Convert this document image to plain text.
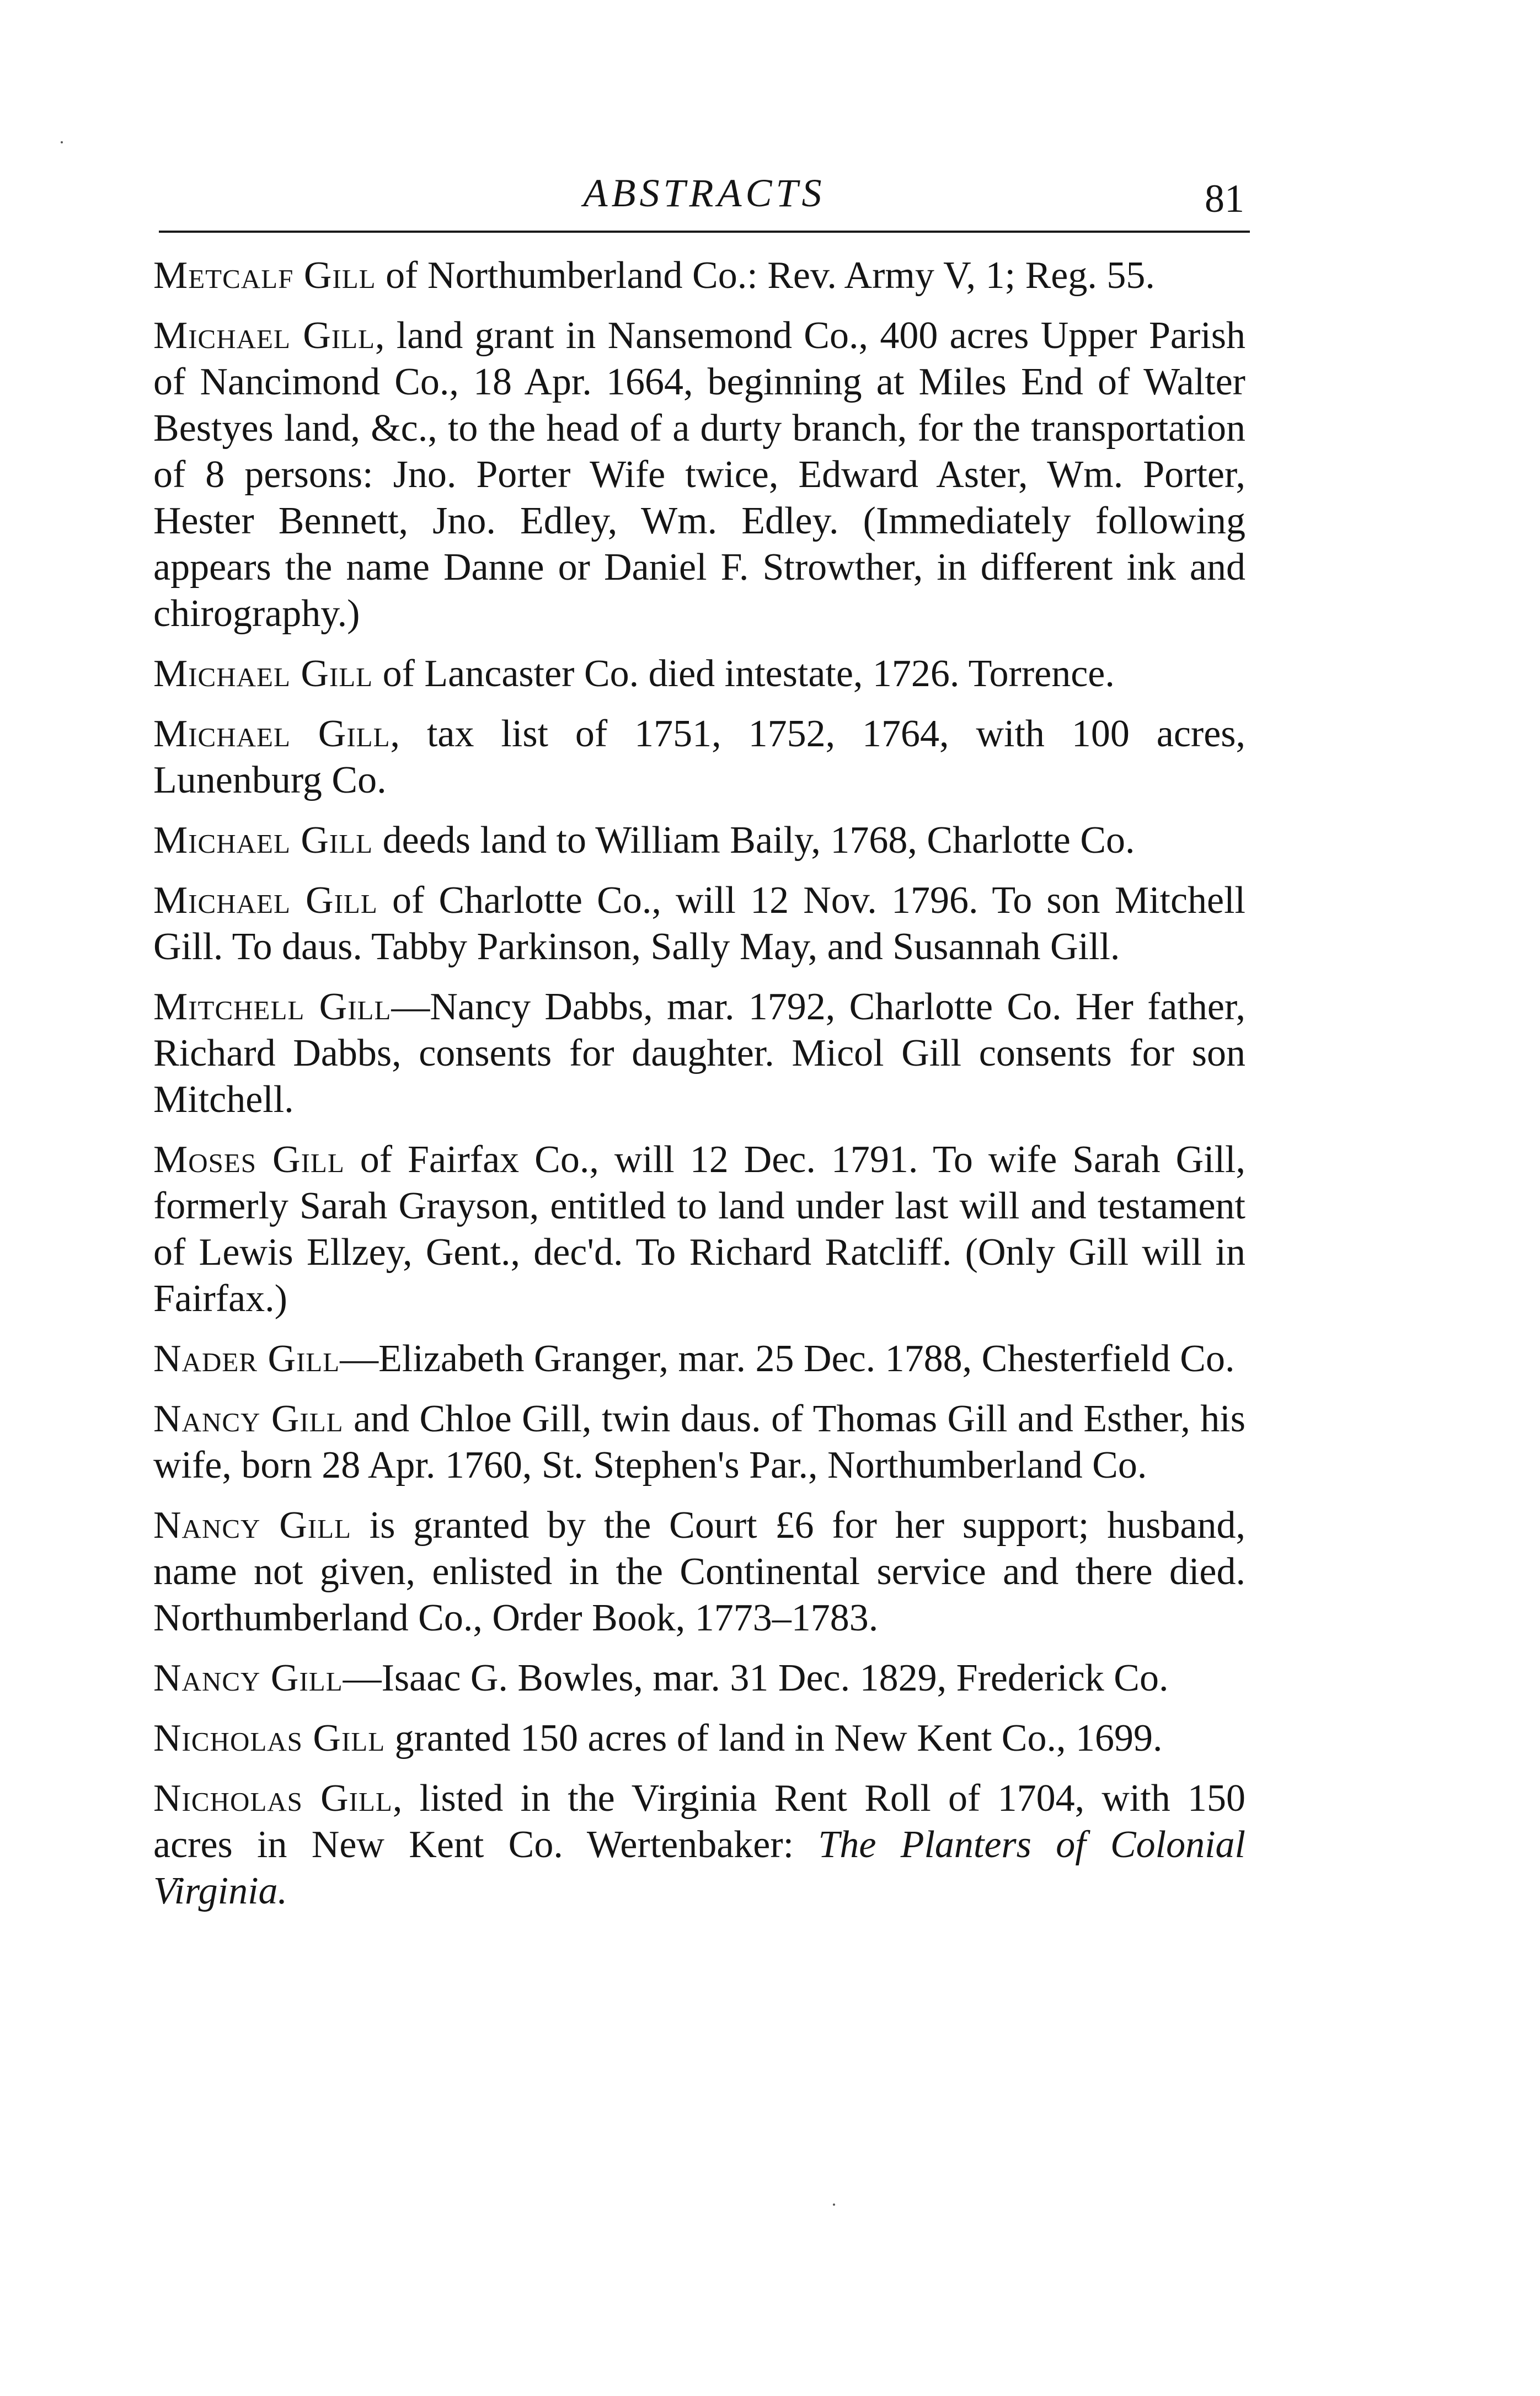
ABSTRACTS	81

Metcalf Gill of Northumberland Co.: Rev. Army V, 1; Reg. 55.

Michael Gill, land grant in Nansemond Co., 400 acres Upper Parish of Nancimond Co., 18 Apr. 1664, beginning at Miles End of Walter Bestyes land, &c., to the head of a durty branch, for the transportation of 8 persons: Jno. Porter Wife twice, Edward Aster, Wm. Porter, Hester Bennett, Jno. Edley, Wm. Edley. (Immediately following appears the name Danne or Daniel F. Strowther, in different ink and chirography.)

Michael Gill of Lancaster Co. died intestate, 1726. Torrence.

Michael Gill, tax list of 1751, 1752, 1764, with 100 acres, Lunenburg Co.

Michael Gill deeds land to William Baily, 1768, Charlotte Co.

Michael Gill of Charlotte Co., will 12 Nov. 1796. To son Mitchell Gill. To daus. Tabby Parkinson, Sally May, and Susannah Gill.

Mitchell Gill—Nancy Dabbs, mar. 1792, Charlotte Co. Her father, Richard Dabbs, consents for daughter. Micol Gill consents for son Mitchell.

Moses Gill of Fairfax Co., will 12 Dec. 1791. To wife Sarah Gill, formerly Sarah Grayson, entitled to land under last will and testament of Lewis Ellzey, Gent., dec'd. To Richard Ratcliff. (Only Gill will in Fairfax.)

Nader Gill—Elizabeth Granger, mar. 25 Dec. 1788, Chesterfield Co.

Nancy Gill and Chloe Gill, twin daus. of Thomas Gill and Esther, his wife, born 28 Apr. 1760, St. Stephen's Par., Northumberland Co.

Nancy Gill is granted by the Court £6 for her support; husband, name not given, enlisted in the Continental service and there died. Northumberland Co., Order Book, 1773–1783.

Nancy Gill—Isaac G. Bowles, mar. 31 Dec. 1829, Frederick Co.

Nicholas Gill granted 150 acres of land in New Kent Co., 1699.

Nicholas Gill, listed in the Virginia Rent Roll of 1704, with 150 acres in New Kent Co. Wertenbaker: The Planters of Colonial Virginia.
